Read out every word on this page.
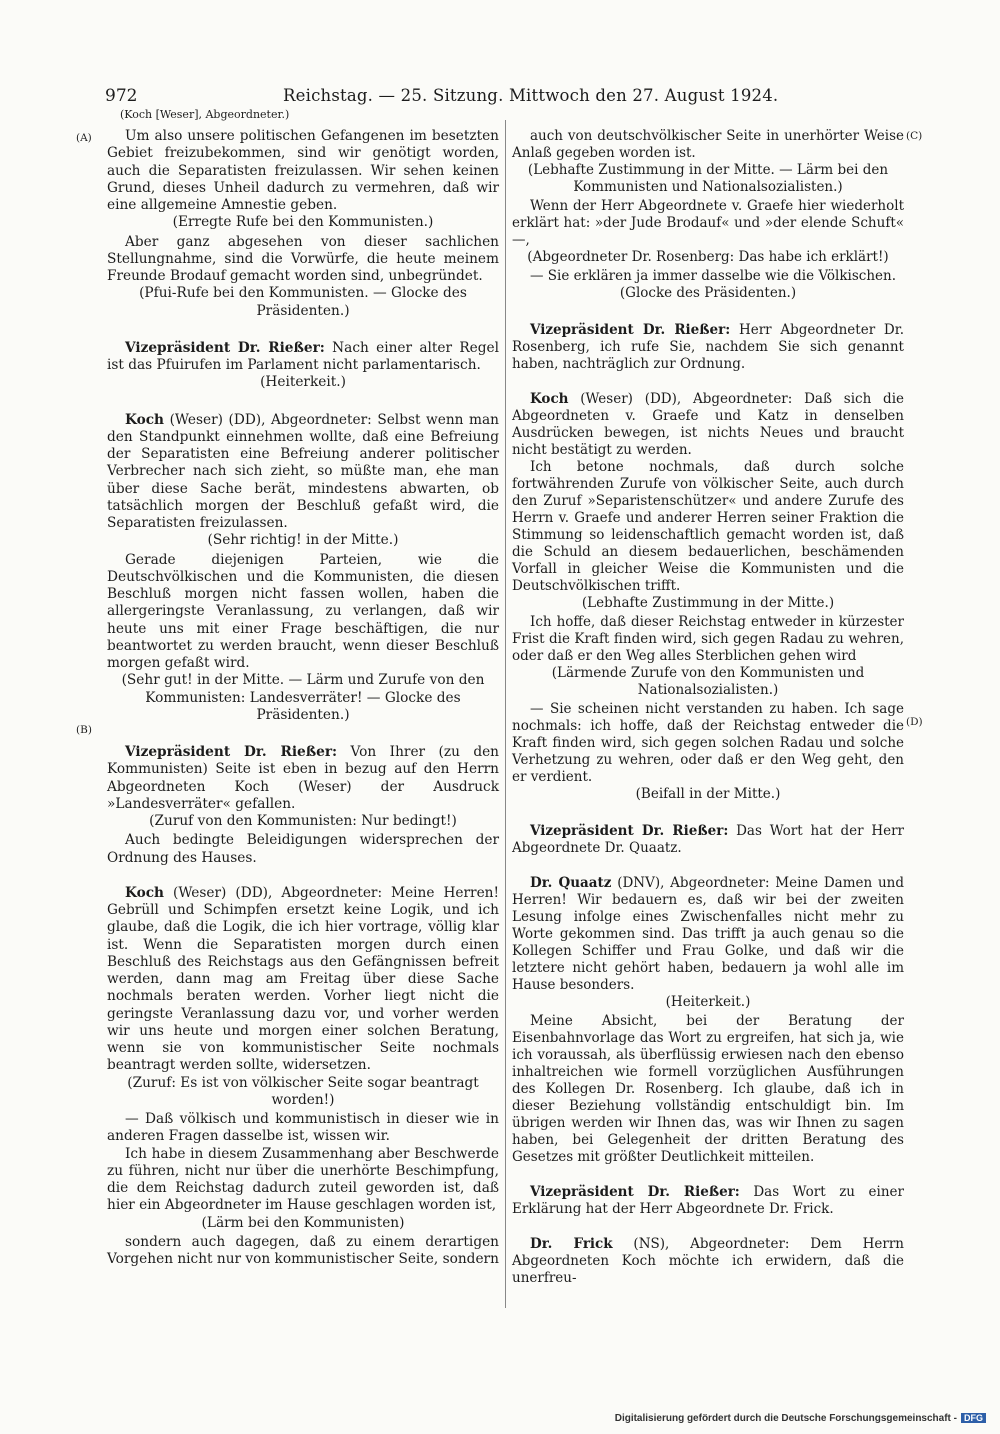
972	Reichstag. — 25. Sitzung. Mittwoch den 27. August 1924.
(Koch [Weser], Abgeordneter.)
(A)
(B)
(C)
(D)
Um also unsere politischen Gefangenen im besetzten Gebiet freizubekommen, sind wir genötigt worden, auch die Separatisten freizulassen. Wir sehen keinen Grund, dieses Unheil dadurch zu vermehren, daß wir eine allgemeine Amnestie geben.
(Erregte Rufe bei den Kommunisten.)
Aber ganz abgesehen von dieser sachlichen Stellungnahme, sind die Vorwürfe, die heute meinem Freunde Brodauf gemacht worden sind, unbegründet.
(Pfui-Rufe bei den Kommunisten. — Glocke des Präsidenten.)
Vizepräsident Dr. Rießer: Nach einer alter Regel ist das Pfuirufen im Parlament nicht parlamentarisch.
(Heiterkeit.)
Koch (Weser) (DD), Abgeordneter: Selbst wenn man den Standpunkt einnehmen wollte, daß eine Befreiung der Separatisten eine Befreiung anderer politischer Verbrecher nach sich zieht, so müßte man, ehe man über diese Sache berät, mindestens abwarten, ob tatsächlich morgen der Beschluß gefaßt wird, die Separatisten freizulassen.
(Sehr richtig! in der Mitte.)
Gerade diejenigen Parteien, wie die Deutschvölkischen und die Kommunisten, die diesen Beschluß morgen nicht fassen wollen, haben die allergeringste Veranlassung, zu verlangen, daß wir heute uns mit einer Frage beschäftigen, die nur beantwortet zu werden braucht, wenn dieser Beschluß morgen gefaßt wird.
(Sehr gut! in der Mitte. — Lärm und Zurufe von den Kommunisten: Landesverräter! — Glocke des Präsidenten.)
Vizepräsident Dr. Rießer: Von Ihrer (zu den Kommunisten) Seite ist eben in bezug auf den Herrn Abgeordneten Koch (Weser) der Ausdruck »Landesverräter« gefallen.
(Zuruf von den Kommunisten: Nur bedingt!)
Auch bedingte Beleidigungen widersprechen der Ordnung des Hauses.
Koch (Weser) (DD), Abgeordneter: Meine Herren! Gebrüll und Schimpfen ersetzt keine Logik, und ich glaube, daß die Logik, die ich hier vortrage, völlig klar ist. Wenn die Separatisten morgen durch einen Beschluß des Reichstags aus den Gefängnissen befreit werden, dann mag am Freitag über diese Sache nochmals beraten werden. Vorher liegt nicht die geringste Veranlassung dazu vor, und vorher werden wir uns heute und morgen einer solchen Beratung, wenn sie von kommunistischer Seite nochmals beantragt werden sollte, widersetzen.
(Zuruf: Es ist von völkischer Seite sogar beantragt worden!)
— Daß völkisch und kommunistisch in dieser wie in anderen Fragen dasselbe ist, wissen wir.
Ich habe in diesem Zusammenhang aber Beschwerde zu führen, nicht nur über die unerhörte Beschimpfung, die dem Reichstag dadurch zuteil geworden ist, daß hier ein Abgeordneter im Hause geschlagen worden ist,
(Lärm bei den Kommunisten)
sondern auch dagegen, daß zu einem derartigen Vorgehen nicht nur von kommunistischer Seite, sondern
auch von deutschvölkischer Seite in unerhörter Weise Anlaß gegeben worden ist.
(Lebhafte Zustimmung in der Mitte. — Lärm bei den Kommunisten und Nationalsozialisten.)
Wenn der Herr Abgeordnete v. Graefe hier wiederholt erklärt hat: »der Jude Brodauf« und »der elende Schuft« —,
(Abgeordneter Dr. Rosenberg: Das habe ich erklärt!)
— Sie erklären ja immer dasselbe wie die Völkischen.
(Glocke des Präsidenten.)
Vizepräsident Dr. Rießer: Herr Abgeordneter Dr. Rosenberg, ich rufe Sie, nachdem Sie sich genannt haben, nachträglich zur Ordnung.
Koch (Weser) (DD), Abgeordneter: Daß sich die Abgeordneten v. Graefe und Katz in denselben Ausdrücken bewegen, ist nichts Neues und braucht nicht bestätigt zu werden.
Ich betone nochmals, daß durch solche fortwährenden Zurufe von völkischer Seite, auch durch den Zuruf »Separistenschützer« und andere Zurufe des Herrn v. Graefe und anderer Herren seiner Fraktion die Stimmung so leidenschaftlich gemacht worden ist, daß die Schuld an diesem bedauerlichen, beschämenden Vorfall in gleicher Weise die Kommunisten und die Deutschvölkischen trifft.
(Lebhafte Zustimmung in der Mitte.)
Ich hoffe, daß dieser Reichstag entweder in kürzester Frist die Kraft finden wird, sich gegen Radau zu wehren, oder daß er den Weg alles Sterblichen gehen wird
(Lärmende Zurufe von den Kommunisten und Nationalsozialisten.)
— Sie scheinen nicht verstanden zu haben. Ich sage nochmals: ich hoffe, daß der Reichstag entweder die Kraft finden wird, sich gegen solchen Radau und solche Verhetzung zu wehren, oder daß er den Weg geht, den er verdient.
(Beifall in der Mitte.)
Vizepräsident Dr. Rießer: Das Wort hat der Herr Abgeordnete Dr. Quaatz.
Dr. Quaatz (DNV), Abgeordneter: Meine Damen und Herren! Wir bedauern es, daß wir bei der zweiten Lesung infolge eines Zwischenfalles nicht mehr zu Worte gekommen sind. Das trifft ja auch genau so die Kollegen Schiffer und Frau Golke, und daß wir die letztere nicht gehört haben, bedauern ja wohl alle im Hause besonders.
(Heiterkeit.)
Meine Absicht, bei der Beratung der Eisenbahnvorlage das Wort zu ergreifen, hat sich ja, wie ich voraussah, als überflüssig erwiesen nach den ebenso inhaltreichen wie formell vorzüglichen Ausführungen des Kollegen Dr. Rosenberg. Ich glaube, daß ich in dieser Beziehung vollständig entschuldigt bin. Im übrigen werden wir Ihnen das, was wir Ihnen zu sagen haben, bei Gelegenheit der dritten Beratung des Gesetzes mit größter Deutlichkeit mitteilen.
Vizepräsident Dr. Rießer: Das Wort zu einer Erklärung hat der Herr Abgeordnete Dr. Frick.
Dr. Frick (NS), Abgeordneter: Dem Herrn Abgeordneten Koch möchte ich erwidern, daß die unerfreu-
Digitalisierung gefördert durch die Deutsche Forschungsgemeinschaft - DFG
